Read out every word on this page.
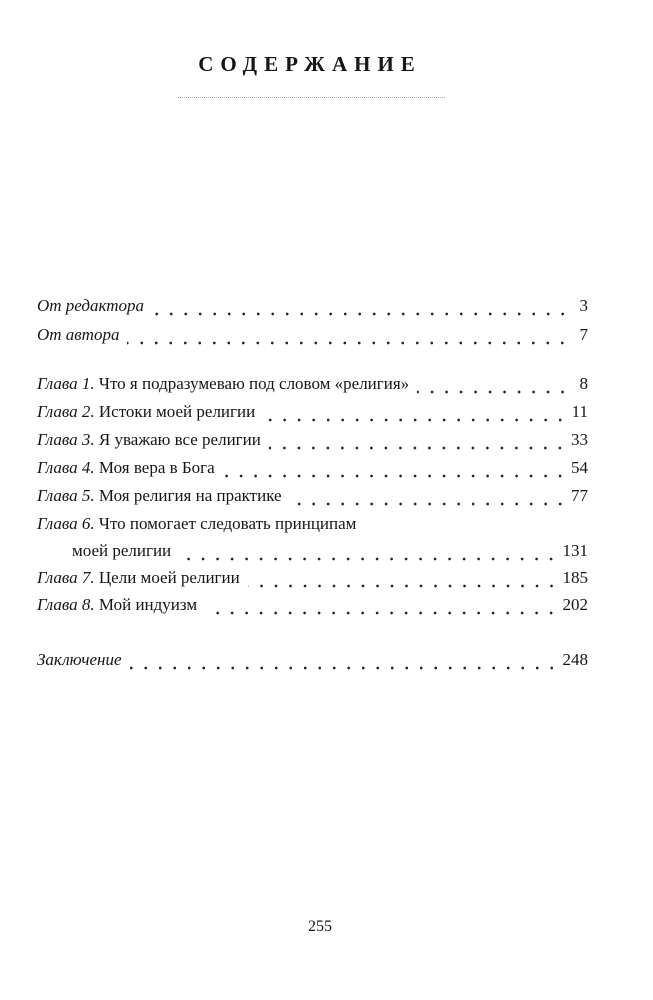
СОДЕРЖАНИЕ
От редактора	3
От автора	7
Глава 1. Что я подразумеваю под словом «религия»	8
Глава 2. Истоки моей религии	11
Глава 3. Я уважаю все религии	33
Глава 4. Моя вера в Бога	54
Глава 5. Моя религия на практике	77
Глава 6. Что помогает следовать принципам
моей религии	131
Глава 7. Цели моей религии	185
Глава 8. Мой индуизм	202
Заключение	248
255
